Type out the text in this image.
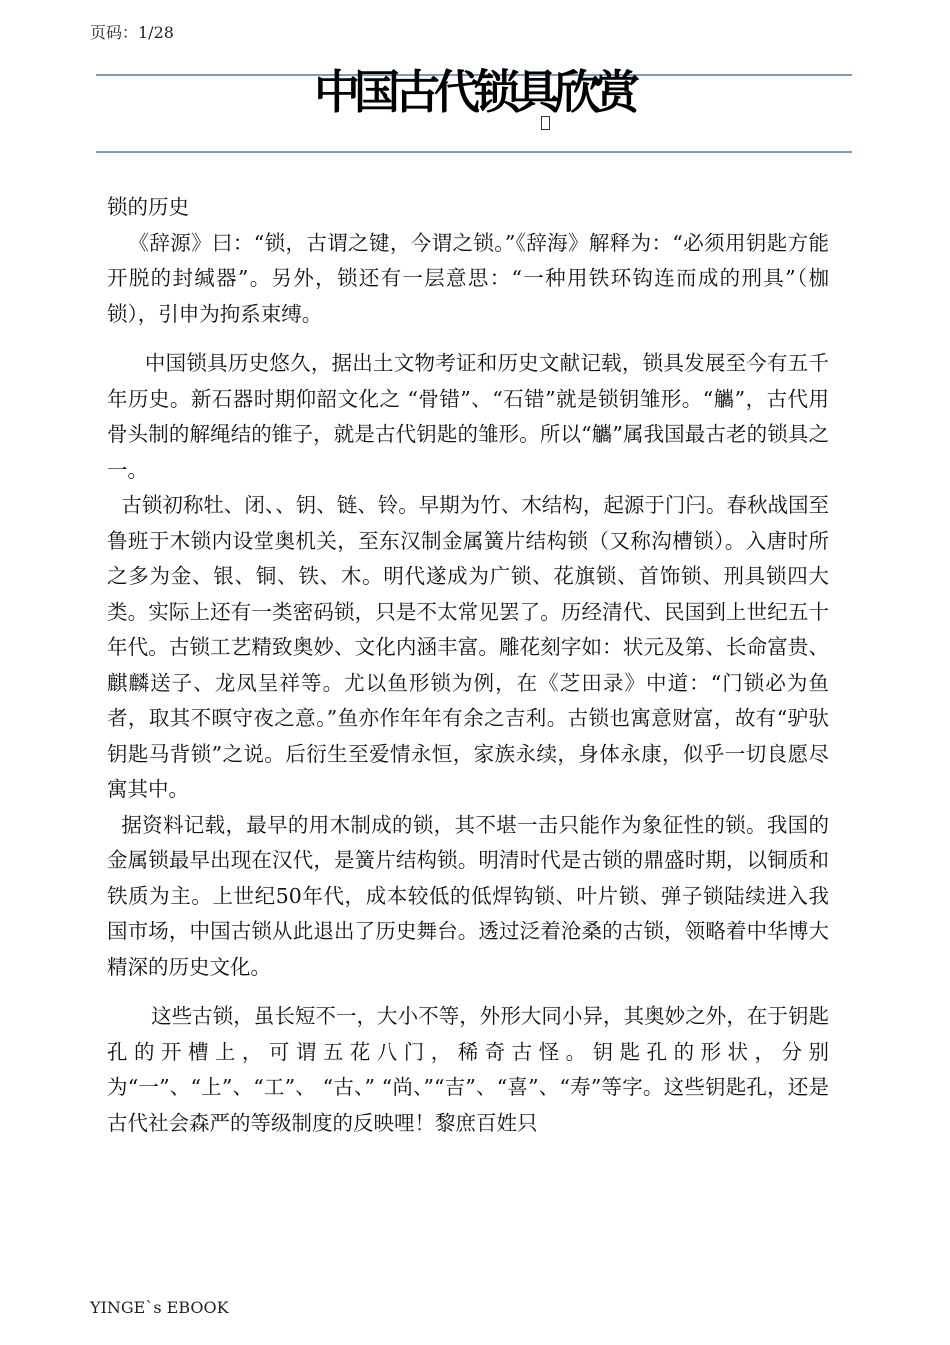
页码：1/28
中国古代锁具欣赏

锁的历史

《辞源》曰：“锁，古谓之键，今谓之锁。”《辞海》解释为：“必须用钥匙方能开脱的封缄器”。另外，锁还有一层意思：“一种用铁环钩连而成的刑具”（枷锁），引申为拘系束缚。

中国锁具历史悠久，据出土文物考证和历史文献记载，锁具发展至今有五千年历史。新石器时期仰韶文化之 “骨错”、“石错”就是锁钥雏形。“觿”，古代用骨头制的解绳结的锥子，就是古代钥匙的雏形。所以“觿”属我国最古老的锁具之一。

古锁初称牡、闭、、钥、链、铃。早期为竹、木结构，起源于门闩。春秋战国至鲁班于木锁内设堂奥机关，至东汉制金属簧片结构锁（又称沟槽锁）。入唐时所之多为金、银、铜、铁、木。明代遂成为广锁、花旗锁、首饰锁、刑具锁四大类。实际上还有一类密码锁，只是不太常见罢了。历经清代、民国到上世纪五十年代。古锁工艺精致奥妙、文化内涵丰富。雕花刻字如：状元及第、长命富贵、麒麟送子、龙凤呈祥等。尤以鱼形锁为例，在《芝田录》中道：“门锁必为鱼者，取其不暝守夜之意。”鱼亦作年年有余之吉利。古锁也寓意财富，故有“驴驮钥匙马背锁”之说。后衍生至爱情永恒，家族永续，身体永康，似乎一切良愿尽寓其中。

据资料记载，最早的用木制成的锁，其不堪一击只能作为象征性的锁。我国的金属锁最早出现在汉代，是簧片结构锁。明清时代是古锁的鼎盛时期，以铜质和铁质为主。上世纪50年代，成本较低的低焊钩锁、叶片锁、弹子锁陆续进入我国市场，中国古锁从此退出了历史舞台。透过泛着沧桑的古锁，领略着中华博大精深的历史文化。

这些古锁，虽长短不一，大小不等，外形大同小异，其奥妙之外，在于钥匙孔的开槽上，可谓五花八门，稀奇古怪。钥匙孔的形状，分别为“一”、“上”、“工”、 “古、” “尚、”“吉”、“喜”、“寿”等字。这些钥匙孔，还是古代社会森严的等级制度的反映哩！黎庶百姓只

YINGE`s EBOOK
